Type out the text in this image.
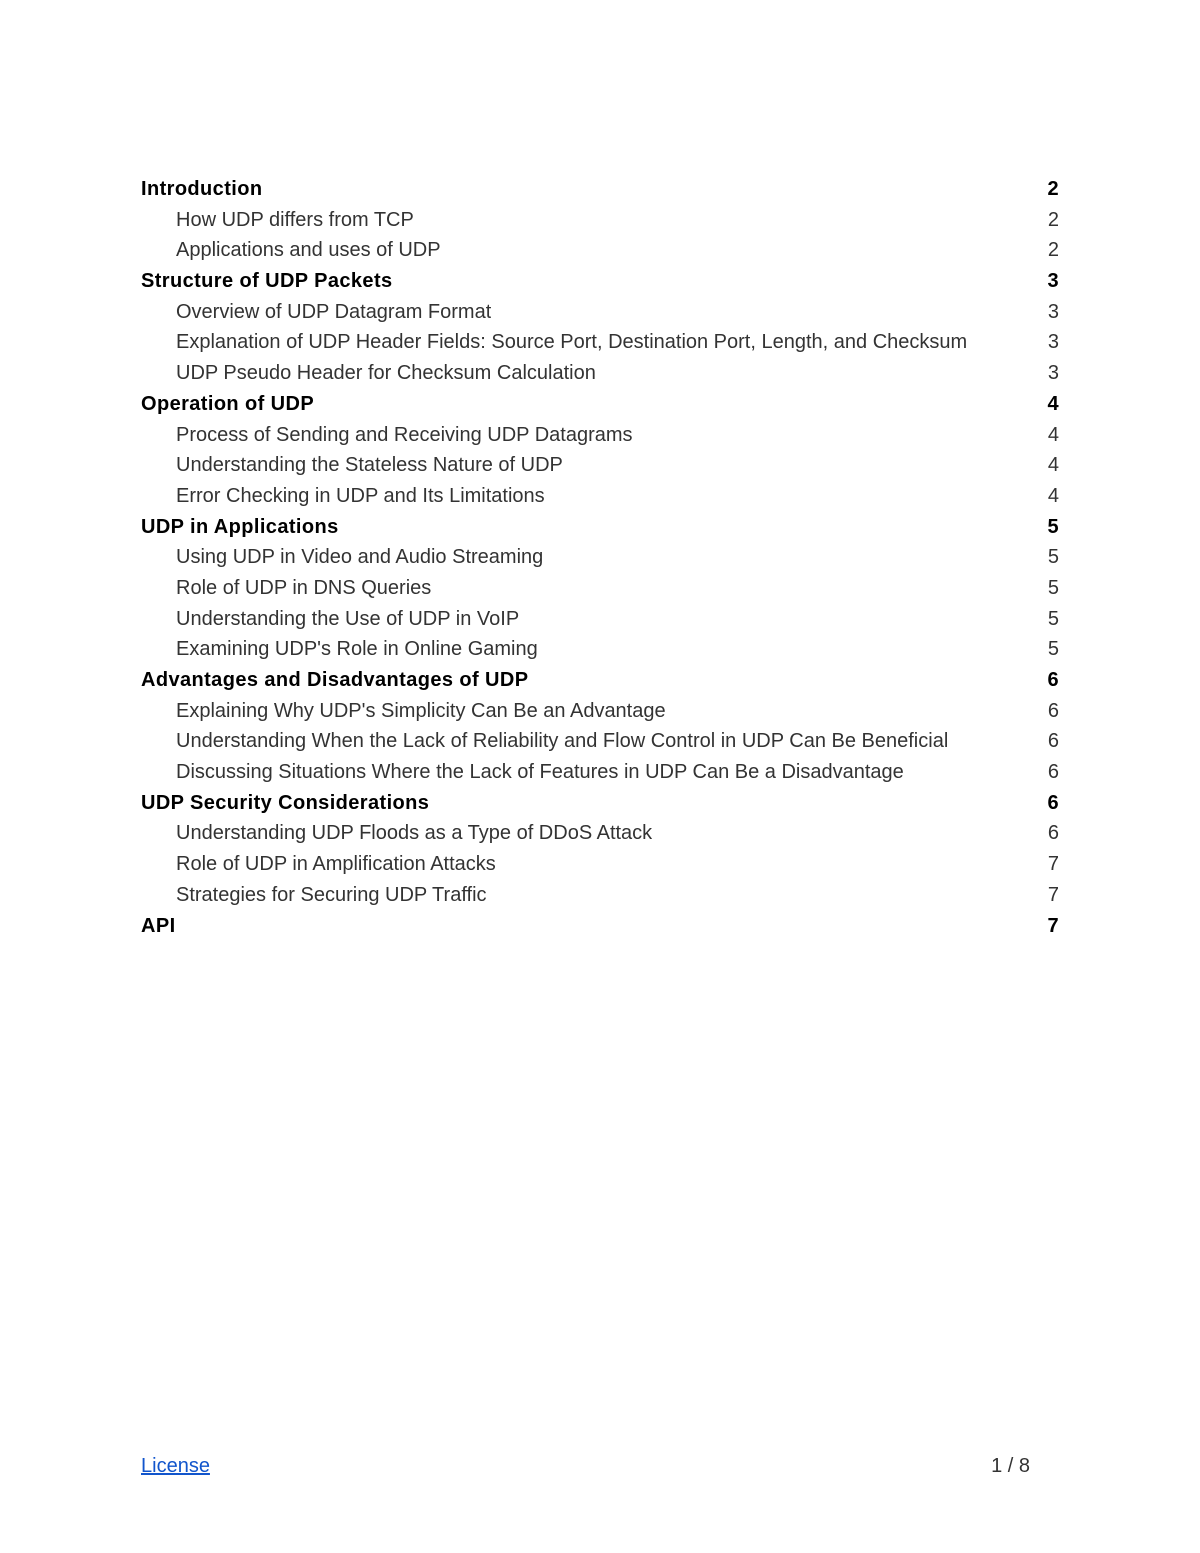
Introduction	2
How UDP differs from TCP	2
Applications and uses of UDP	2
Structure of UDP Packets	3
Overview of UDP Datagram Format	3
Explanation of UDP Header Fields: Source Port, Destination Port, Length, and Checksum	3
UDP Pseudo Header for Checksum Calculation	3
Operation of UDP	4
Process of Sending and Receiving UDP Datagrams	4
Understanding the Stateless Nature of UDP	4
Error Checking in UDP and Its Limitations	4
UDP in Applications	5
Using UDP in Video and Audio Streaming	5
Role of UDP in DNS Queries	5
Understanding the Use of UDP in VoIP	5
Examining UDP's Role in Online Gaming	5
Advantages and Disadvantages of UDP	6
Explaining Why UDP's Simplicity Can Be an Advantage	6
Understanding When the Lack of Reliability and Flow Control in UDP Can Be Beneficial	6
Discussing Situations Where the Lack of Features in UDP Can Be a Disadvantage	6
UDP Security Considerations	6
Understanding UDP Floods as a Type of DDoS Attack	6
Role of UDP in Amplification Attacks	7
Strategies for Securing UDP Traffic	7
API	7
License	1 / 8
